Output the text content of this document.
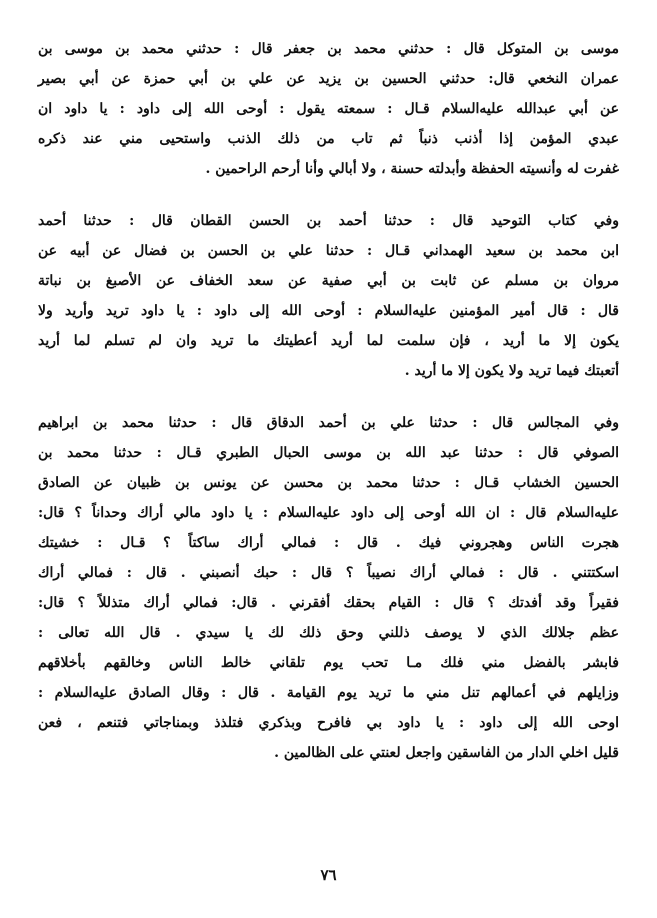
موسى بن المتوكل قال : حدثني محمد بن جعفر قال : حدثني محمد بن موسى بن
عمران النخعي قال: حدثني الحسين بن يزيد عن علي بن أبي حمزة عن أبي بصير
عن أبي عبدالله عليه‌السلام قـال : سمعته يقول : أوحى الله إلى داود : يا داود ان
عبدي المؤمن إذا أذنب ذنباً ثم تاب من ذلك الذنب واستحيى مني عند ذكره
غفرت له وأنسيته الحفظة وأبدلته حسنة ، ولا أبالي وأنا أرحم الراحمين .
وفي كتاب التوحيد قال : حدثنا أحمد بن الحسن القطان قال : حدثنا أحمد
ابن محمد بن سعيد الهمداني قـال : حدثنا علي بن الحسن بن فضال عن أبيه عن
مروان بن مسلم عن ثابت بن أبي صفية عن سعد الخفاف عن الأصبغ بن نباتة
قال : قال أمير المؤمنين عليه‌السلام : أوحى الله إلى داود : يا داود تريد وأريد ولا
يكون إلا ما أريد ، فإن سلمت لما أريد أعطيتك ما تريد وان لم تسلم لما أريد
أتعبتك فيما تريد ولا يكون إلا ما أريد .
وفي المجالس قال : حدثنا علي بن أحمد الدقاق قال : حدثنا محمد بن ابراهيم
الصوفي قال : حدثنا عبد الله بن موسى الحبال الطبري قـال : حدثنا محمد بن
الحسين الخشاب قـال : حدثنا محمد بن محسن عن يونس بن ظبيان عن الصادق
عليه‌السلام قال : ان الله أوحى إلى داود عليه‌السلام : يا داود مالي أراك وحداناً ؟ قال:
هجرت الناس وهجروني فيك . قال : فمالي أراك ساكتاً ؟ قـال : خشيتك
اسكتتني . قال : فمالي أراك نصيباً ؟ قال : حبك أنصبني . قال : فمالي أراك
فقيراً وقد أفدتك ؟ قال : القيام بحقك أفقرني . قال: فمالي أراك متذللاً ؟ قال:
عظم جلالك الذي لا يوصف ذللني وحق ذلك لك يا سيدي . قال الله تعالى :
فابشر بالفضل مني فلك مـا تحب يوم تلقاني خالط الناس وخالقهم بأخلاقهم
وزايلهم في أعمالهم تنل مني ما تريد يوم القيامة . قال : وقال الصادق عليه‌السلام :
اوحى الله إلى داود : يا داود بي فافرح وبذكري فتلذذ وبمناجاتي فتنعم ، فعن
قليل اخلي الدار من الفاسقين واجعل لعنتي على الظالمين .
٧٦
